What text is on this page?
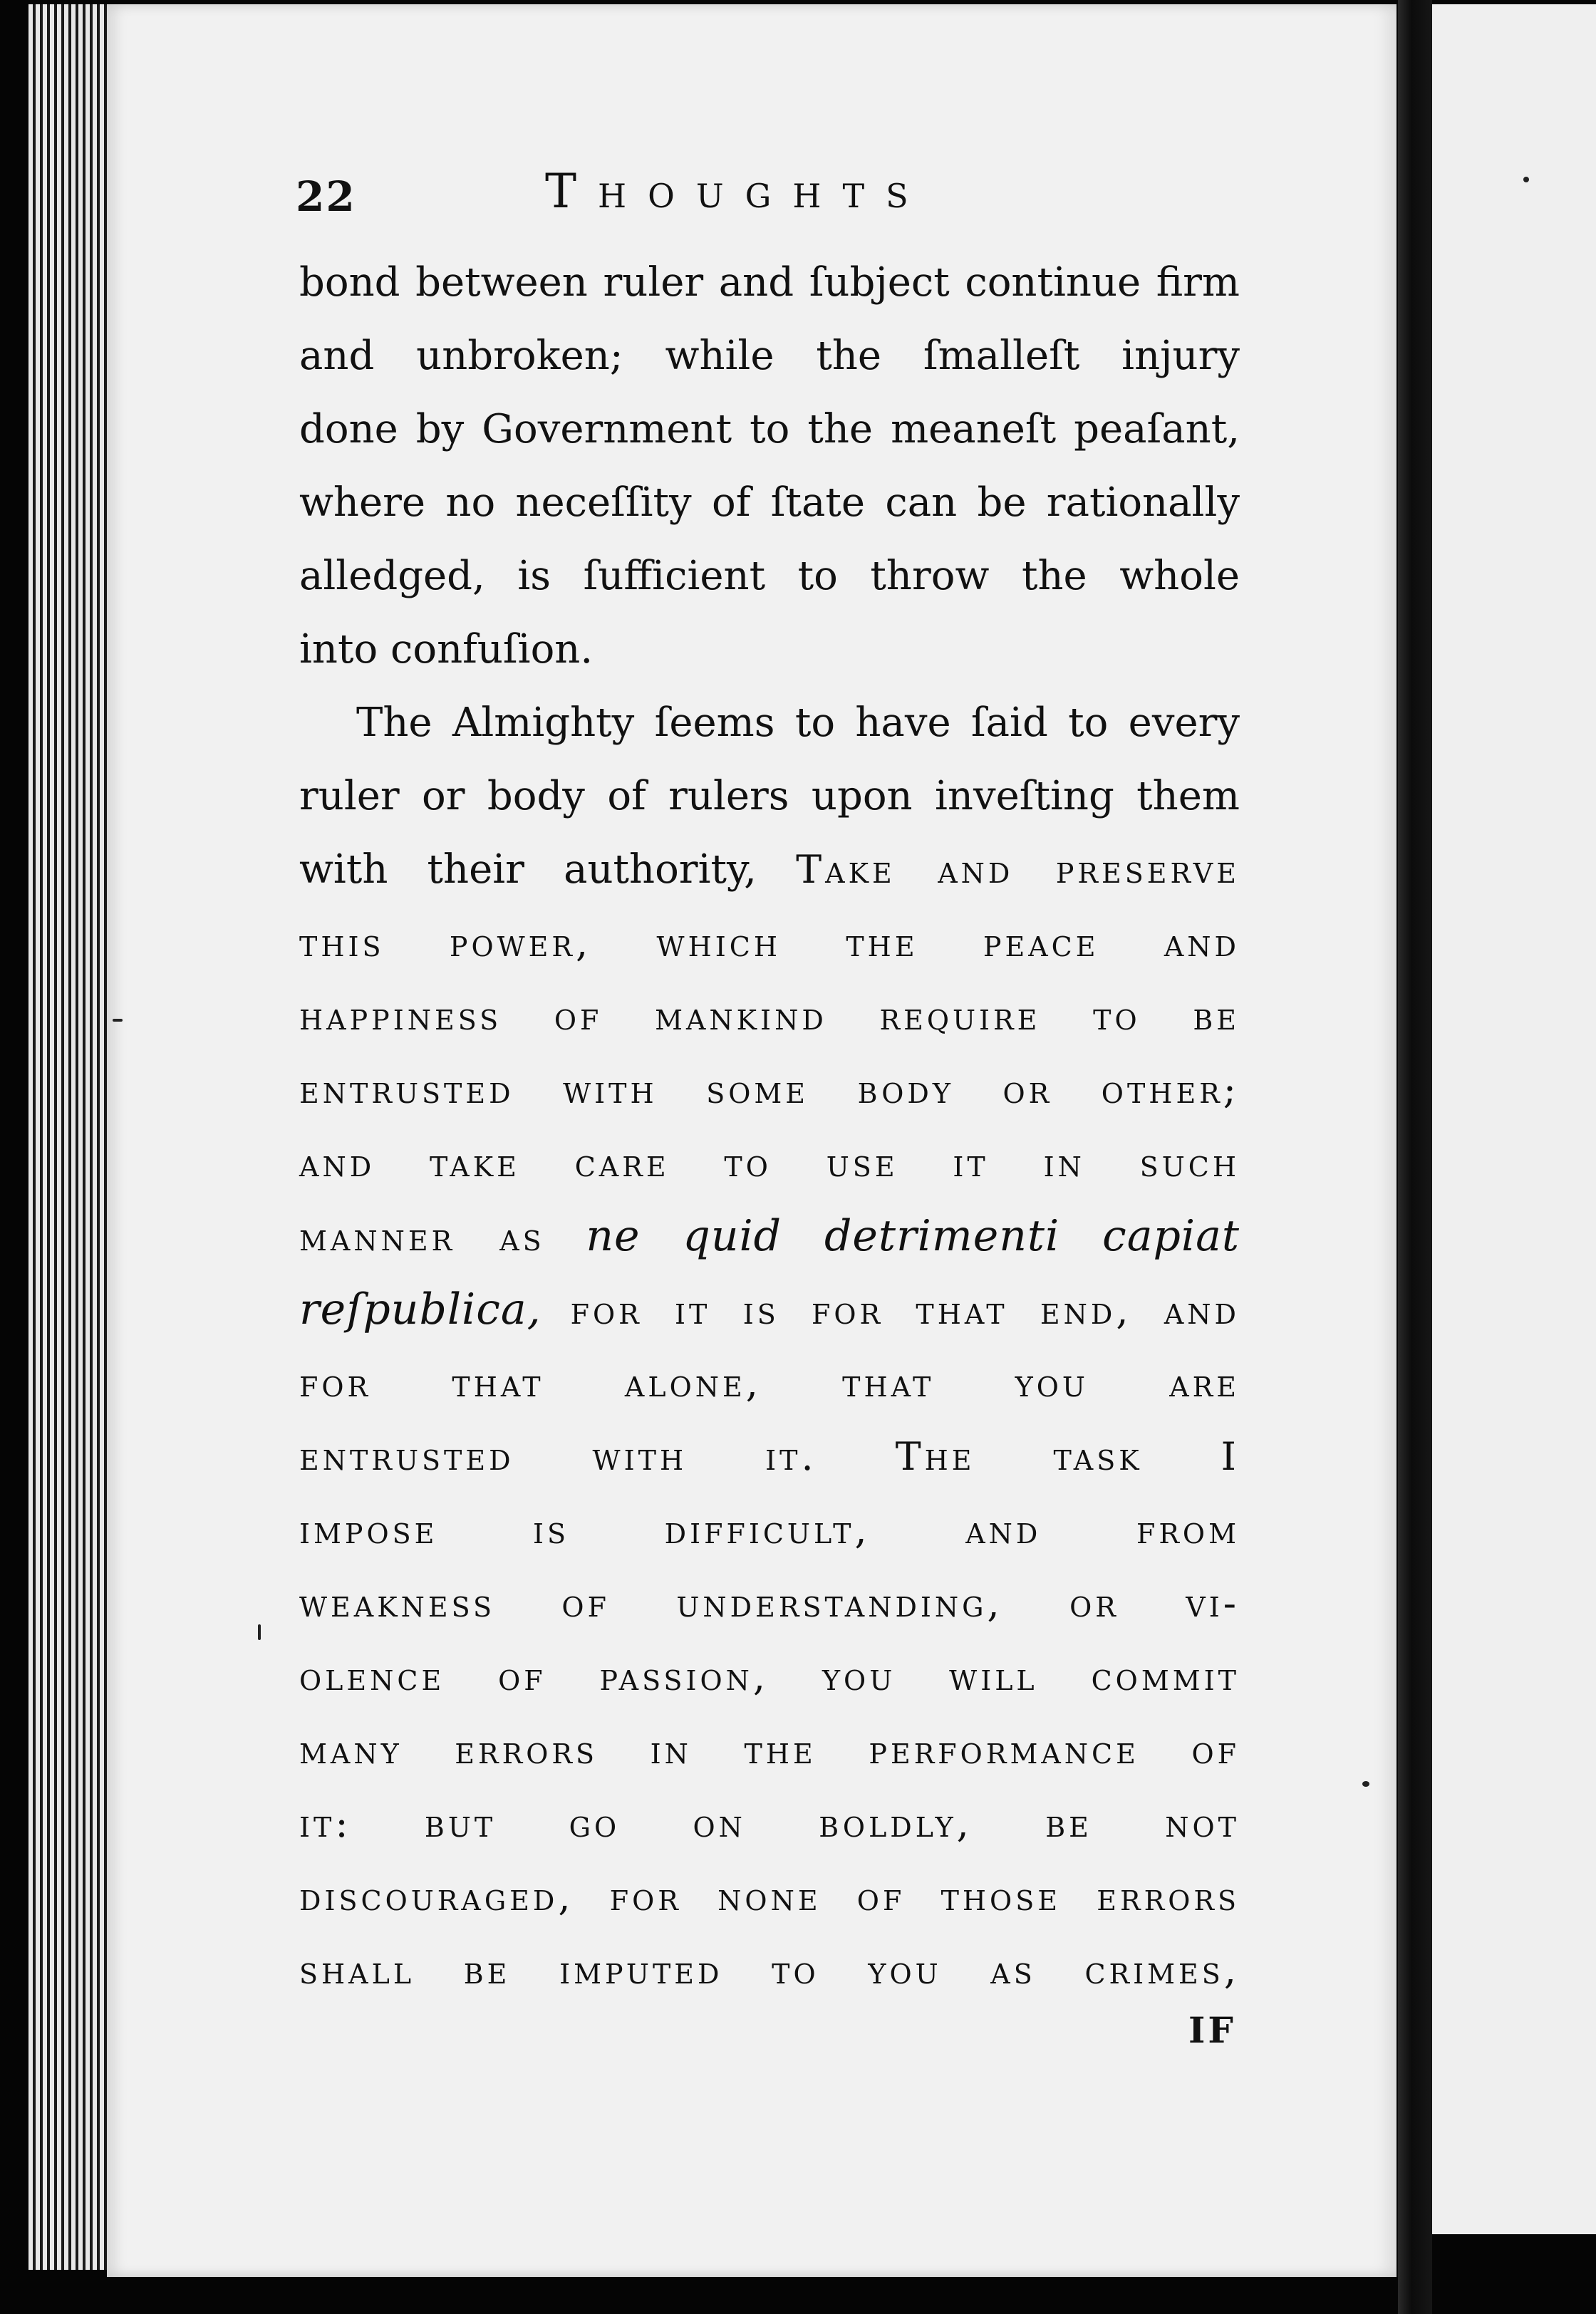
22	Thoughts
bond between ruler and ſubject continue firm
and unbroken; while the ſmalleſt injury
done by Government to the meaneſt peaſant,
where no neceſſity of ſtate can be rationally
alledged, is ſufficient to throw the whole
into confuſion.
The Almighty ſeems to have ſaid to every
ruler or body of rulers upon inveſting them
with their authority, Take and preserve
this power, which the peace and
happiness of mankind require to be
entrusted with some body or other;
and take care to use it in such
manner as ne quid detrimenti capiat
reſpublica, for it is for that end, and
for that alone, that you are
entrusted with it. The task I
impose is difficult, and from
weakness of understanding, or vi-
olence of passion, you will commit
many errors in the performance of
it: but go on boldly, be not
discouraged, for none of those errors
shall be imputed to you as crimes,
IF
